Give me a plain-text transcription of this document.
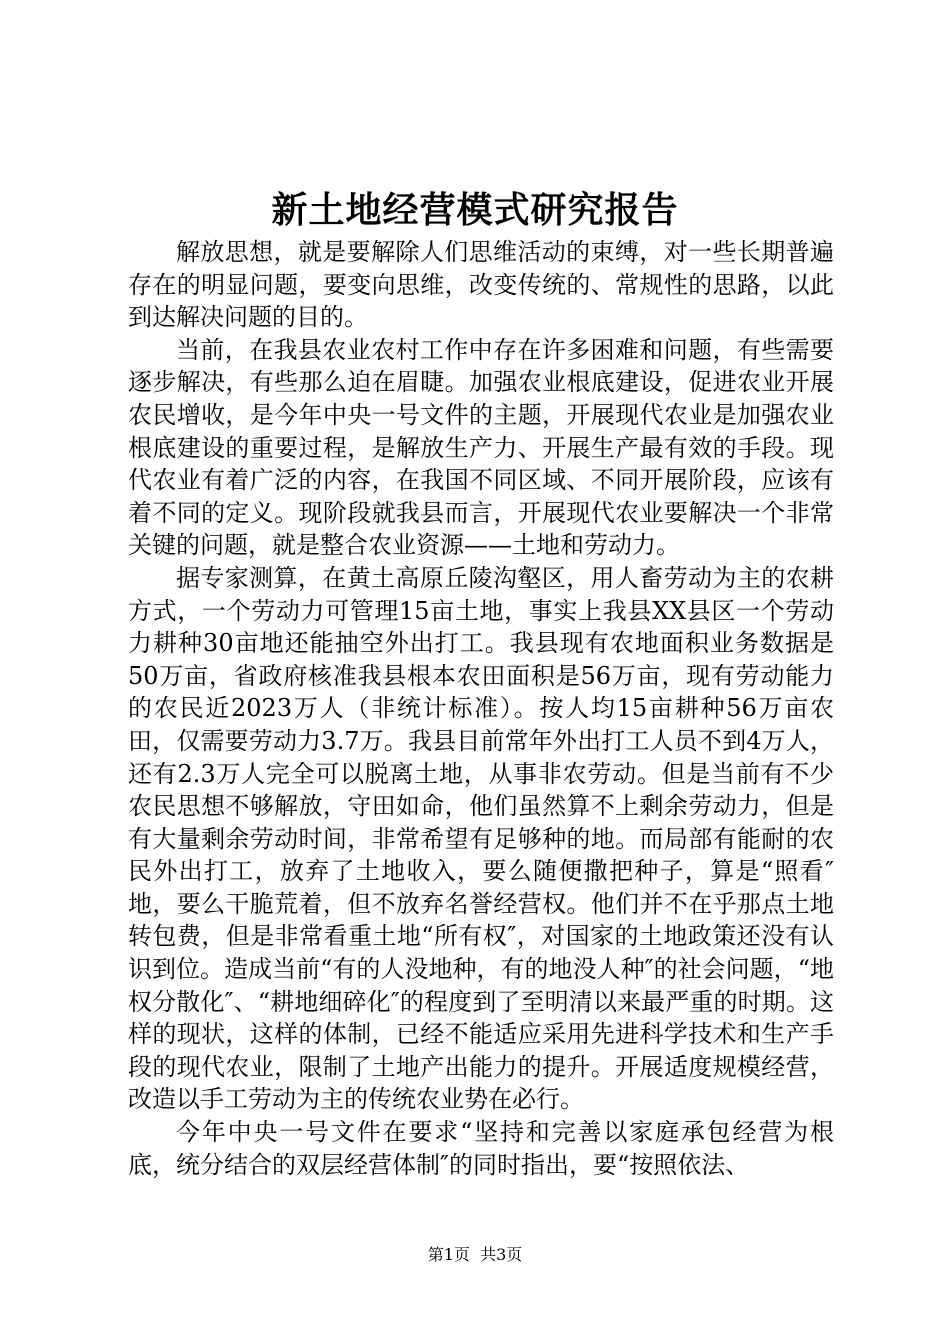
新土地经营模式研究报告

解放思想，就是要解除人们思维活动的束缚，对一些长期普遍存在的明显问题，要变向思维，改变传统的、常规性的思路，以此到达解决问题的目的。

当前，在我县农业农村工作中存在许多困难和问题，有些需要逐步解决，有些那么迫在眉睫。加强农业根底建设，促进农业开展农民增收，是今年中央一号文件的主题，开展现代农业是加强农业根底建设的重要过程，是解放生产力、开展生产最有效的手段。现代农业有着广泛的内容，在我国不同区域、不同开展阶段，应该有着不同的定义。现阶段就我县而言，开展现代农业要解决一个非常关键的问题，就是整合农业资源——土地和劳动力。

据专家测算，在黄土高原丘陵沟壑区，用人畜劳动为主的农耕方式，一个劳动力可管理15亩土地，事实上我县XX县区一个劳动力耕种30亩地还能抽空外出打工。我县现有农地面积业务数据是50万亩，省政府核准我县根本农田面积是56万亩，现有劳动能力的农民近2023万人（非统计标准）。按人均15亩耕种56万亩农田，仅需要劳动力3.7万。我县目前常年外出打工人员不到4万人，还有2.3万人完全可以脱离土地，从事非农劳动。但是当前有不少农民思想不够解放，守田如命，他们虽然算不上剩余劳动力，但是有大量剩余劳动时间，非常希望有足够种的地。而局部有能耐的农民外出打工，放弃了土地收入，要么随便撒把种子，算是“照看″地，要么干脆荒着，但不放弃名誉经营权。他们并不在乎那点土地转包费，但是非常看重土地“所有权″，对国家的土地政策还没有认识到位。造成当前“有的人没地种，有的地没人种″的社会问题，“地权分散化″、“耕地细碎化″的程度到了至明清以来最严重的时期。这样的现状，这样的体制，已经不能适应采用先进科学技术和生产手段的现代农业，限制了土地产出能力的提升。开展适度规模经营，改造以手工劳动为主的传统农业势在必行。

今年中央一号文件在要求“坚持和完善以家庭承包经营为根底，统分结合的双层经营体制″的同时指出，要“按照依法、

第1页 共3页
